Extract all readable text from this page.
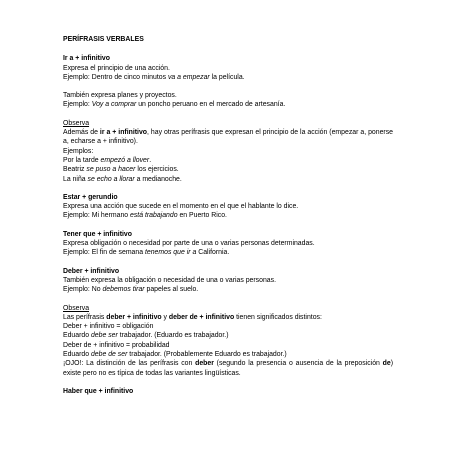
PERÍFRASIS VERBALES
Ir a + infinitivo
Expresa el principio de una acción.
Ejemplo: Dentro de cinco minutos va a empezar la película.
También expresa planes y proyectos.
Ejemplo: Voy a comprar un poncho peruano en el mercado de artesanía.
Observa
Además de ir a + infinitivo, hay otras perífrasis que expresan el principio de la acción (empezar a, ponerse a, echarse a + infinitivo).
Ejemplos:
Por la tarde empezó a llover.
Beatriz se puso a hacer los ejercicios.
La niña se echo a llorar a medianoche.
Estar + gerundio
Expresa una acción que sucede en el momento en el que el hablante lo dice.
Ejemplo: Mi hermano está trabajando en Puerto Rico.
Tener que + infinitivo
Expresa obligación o necesidad por parte de una o varias personas determinadas.
Ejemplo: El fin de semana tenemos que ir a California.
Deber + infinitivo
También expresa la obligación o necesidad de una o varias personas.
Ejemplo: No debemos tirar papeles al suelo.
Observa
Las perífrasis deber + infinitivo y deber de + infinitivo tienen significados distintos:
Deber + infinitivo = obligación
Eduardo debe ser trabajador. (Eduardo es trabajador.)
Deber de + infinitivo = probabilidad
Eduardo debe de ser trabajador. (Probablemente Eduardo es trabajador.)
¡OJO!: La distinción de las perífrasis con deber (segundo la presencia o ausencia de la preposición de) existe pero no es típica de todas las variantes lingüísticas.
Haber que + infinitivo
